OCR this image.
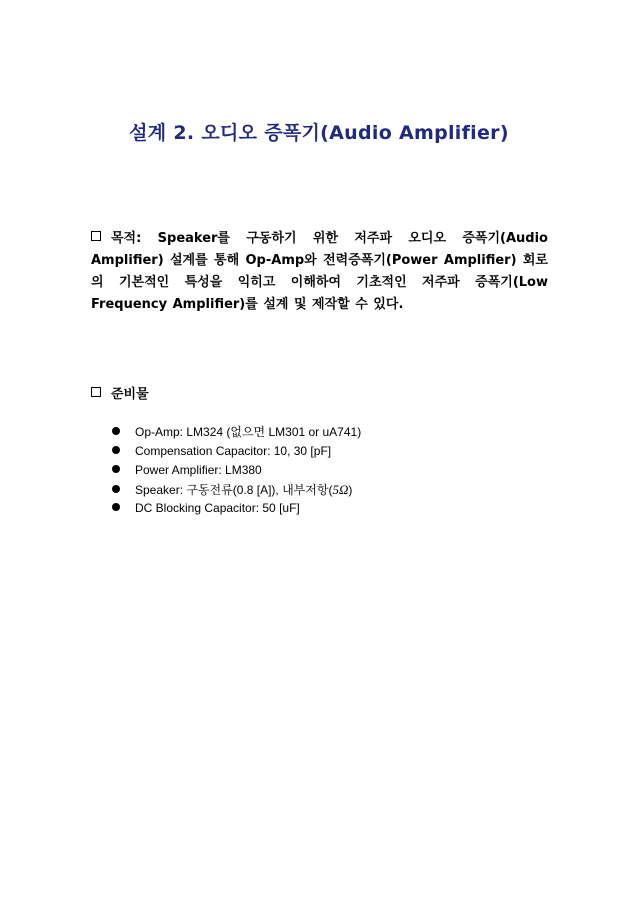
설계 2. 오디오 증폭기(Audio Amplifier)

목적: Speaker를 구동하기 위한 저주파 오디오 증폭기(Audio Amplifier) 설계를 통해 Op-Amp와 전력증폭기(Power Amplifier) 회로의 기본적인 특성을 익히고 이해하여 기초적인 저주파 증폭기(Low Frequency Amplifier)를 설계 및 제작할 수 있다.

준비물

Op-Amp: LM324 (없으면 LM301 or uA741)
Compensation Capacitor: 10, 30 [pF]
Power Amplifier: LM380
Speaker: 구동전류(0.8 [A]), 내부저항(5Ω)
DC Blocking Capacitor: 50 [uF]
